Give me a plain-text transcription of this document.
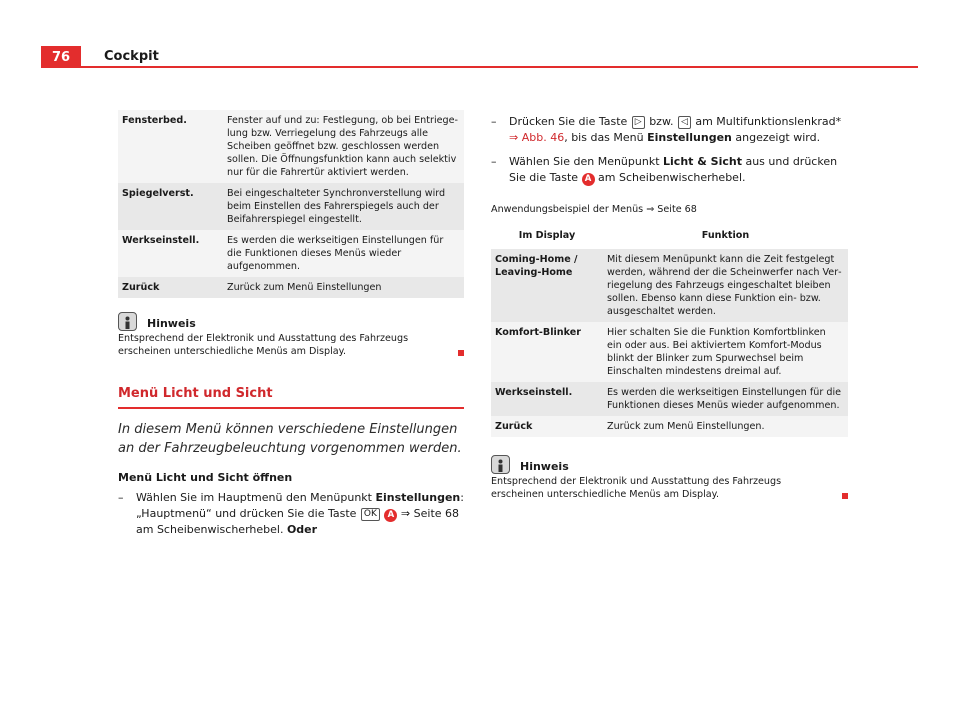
76	Cockpit
Fensterbed.	Fenster auf und zu: Festlegung, ob bei Entriegelung bzw. Verriegelung des Fahrzeugs alle Scheiben geöffnet bzw. geschlossen werden sollen. Die Öffnungsfunktion kann auch selektiv nur für die Fahrertür aktiviert werden.
Spiegelverst.	Bei eingeschalteter Synchronverstellung wird beim Einstellen des Fahrerspiegels auch der Beifahrerspiegel eingestellt.
Werkseinstell.	Es werden die werkseitigen Einstellungen für die Funktionen dieses Menüs wieder aufgenommen.
Zurück	Zurück zum Menü Einstellungen
Hinweis
Entsprechend der Elektronik und Ausstattung des Fahrzeugs erscheinen unterschiedliche Menüs am Display.
Menü Licht und Sicht
In diesem Menü können verschiedene Einstellungen an der Fahrzeugbeleuchtung vorgenommen werden.
Menü Licht und Sicht öffnen
–	Wählen Sie im Hauptmenü den Menüpunkt Einstellungen: „Hauptmenü“ und drücken Sie die Taste OK A ⇒ Seite 68 am Scheibenwischerhebel. Oder
–	Drücken Sie die Taste ▷ bzw. ◁ am Multifunktionslenkrad* ⇒ Abb. 46, bis das Menü Einstellungen angezeigt wird.
–	Wählen Sie den Menüpunkt Licht & Sicht aus und drücken Sie die Taste A am Scheibenwischerhebel.
Anwendungsbeispiel der Menüs ⇒ Seite 68
Im Display	Funktion
Coming-Home / Leaving-Home	Mit diesem Menüpunkt kann die Zeit festgelegt werden, während der die Scheinwerfer nach Verriegelung des Fahrzeugs eingeschaltet bleiben sollen. Ebenso kann diese Funktion ein- bzw. ausgeschaltet werden.
Komfort-Blinker	Hier schalten Sie die Funktion Komfortblinken ein oder aus. Bei aktiviertem Komfort-Modus blinkt der Blinker zum Spurwechsel beim Einschalten mindestens dreimal auf.
Werkseinstell.	Es werden die werkseitigen Einstellungen für die Funktionen dieses Menüs wieder aufgenommen.
Zurück	Zurück zum Menü Einstellungen.
Hinweis
Entsprechend der Elektronik und Ausstattung des Fahrzeugs erscheinen unterschiedliche Menüs am Display.
